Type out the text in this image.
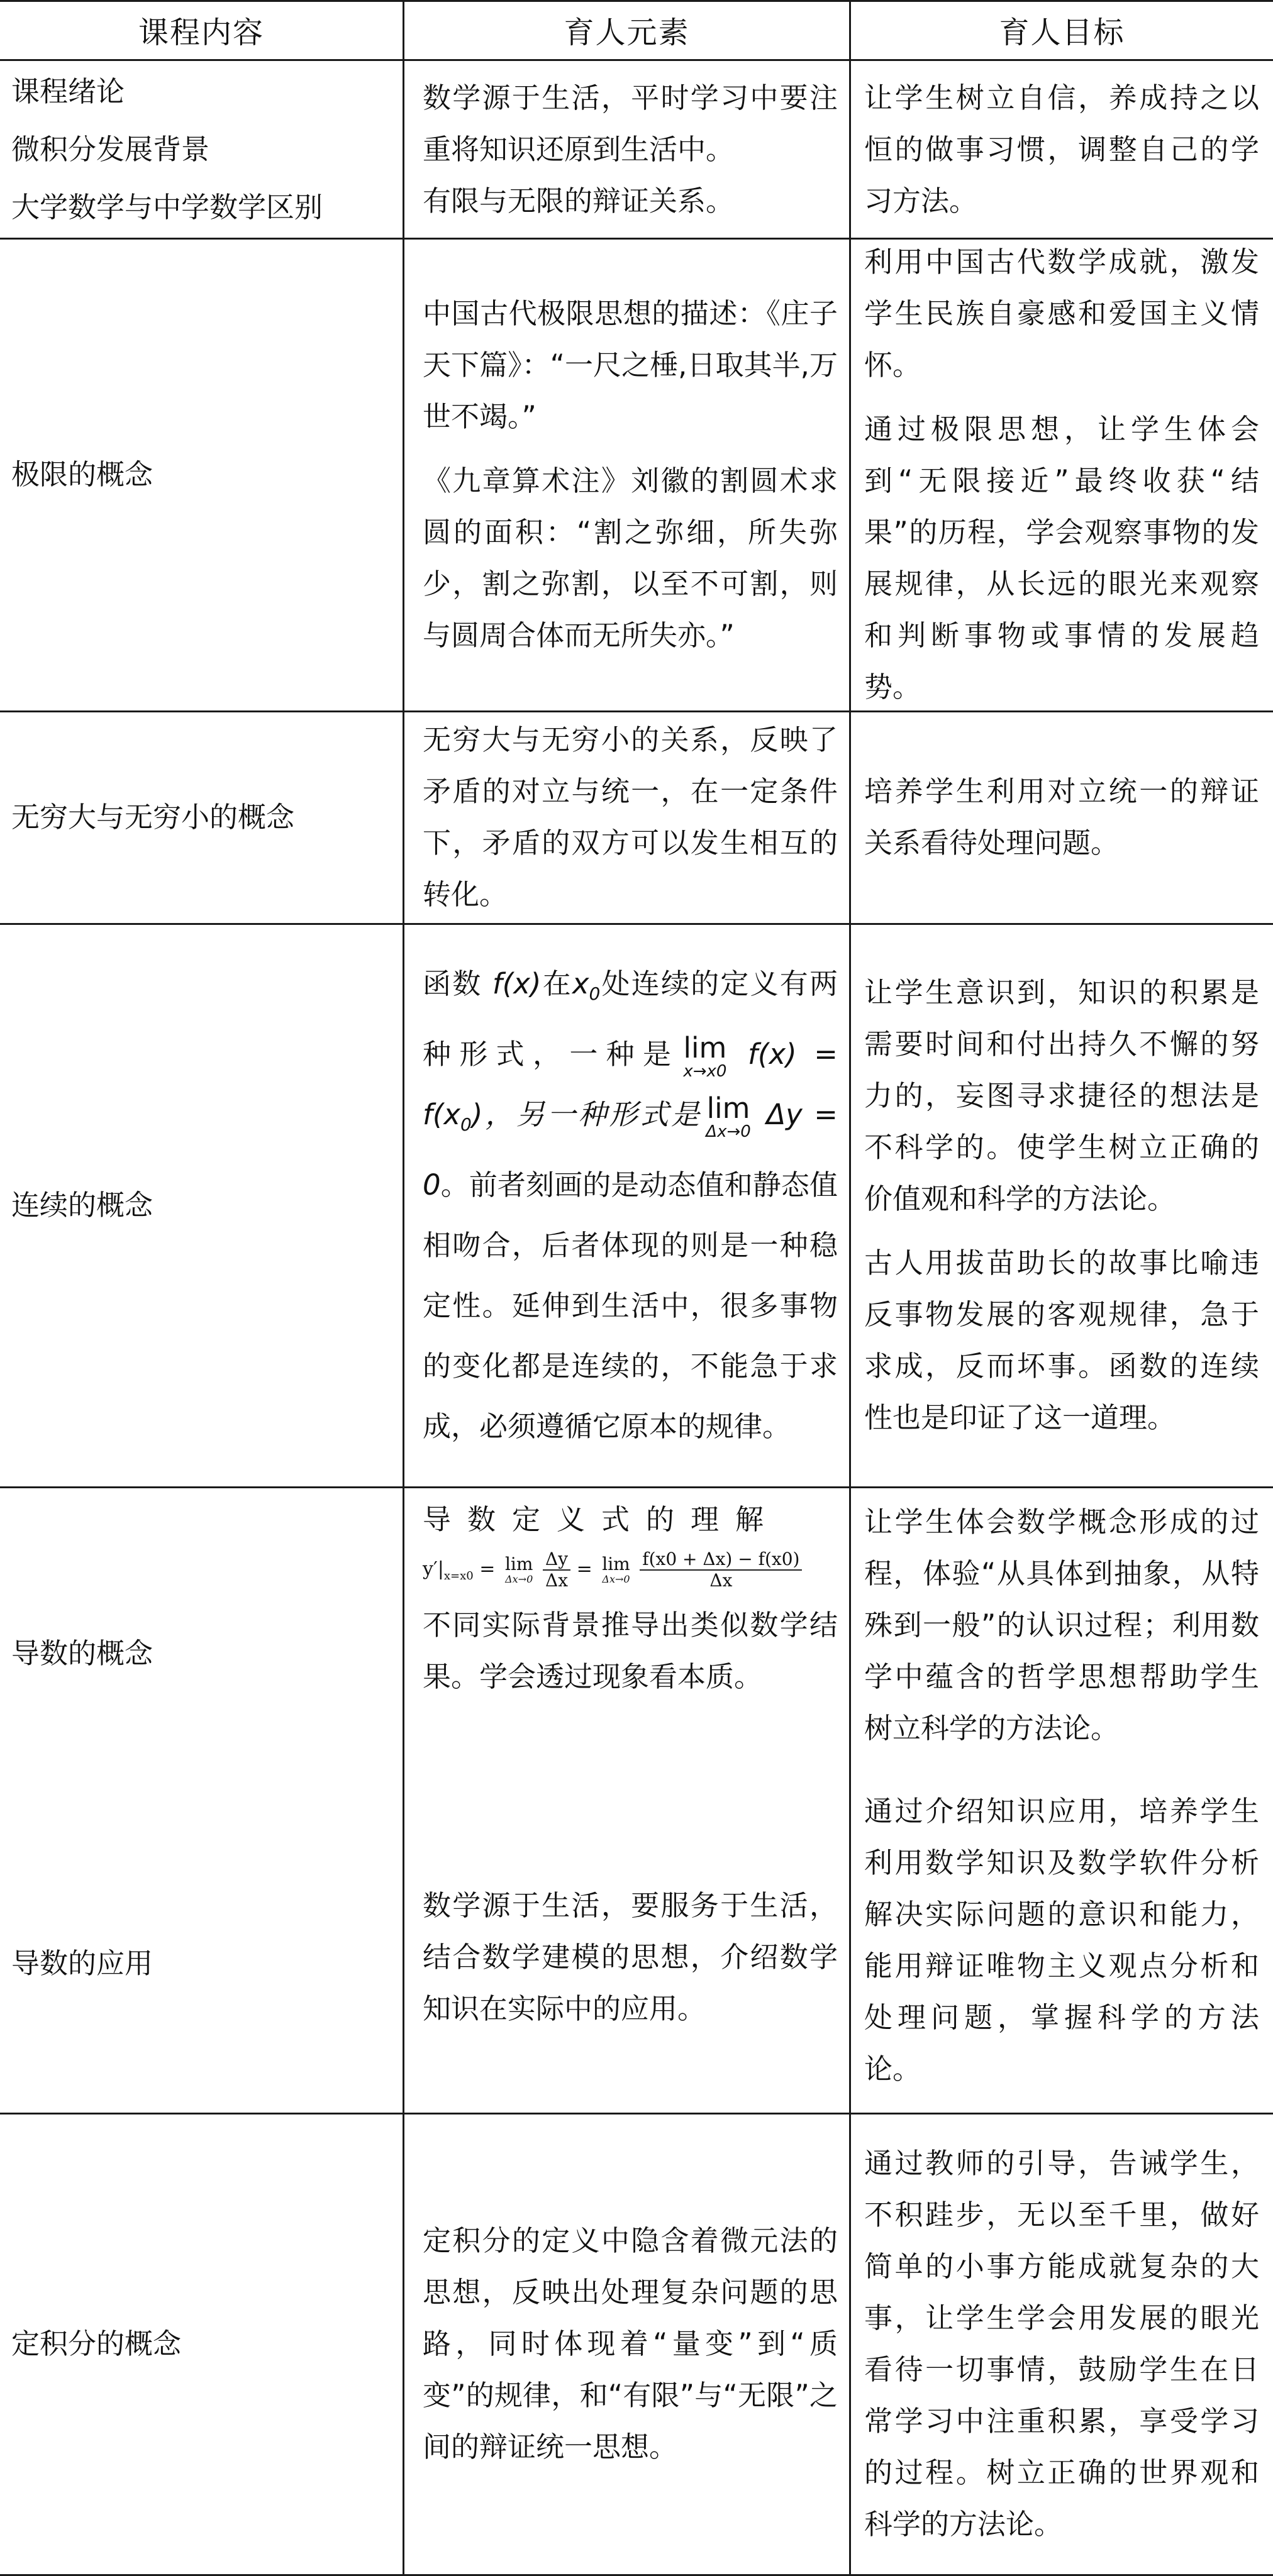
课程内容	育人元素	育人目标

课程绪论

微积分发展背景

大学数学与中学数学区别

数学源于生活，平时学习中要注重将知识还原到生活中。

有限与无限的辩证关系。

让学生树立自信，养成持之以恒的做事习惯，调整自己的学习方法。

极限的概念

中国古代极限思想的描述：《庄子 天下篇》：“一尺之棰,日取其半,万世不竭。”

《九章算术注》刘徽的割圆术求圆的面积：“割之弥细，所失弥少，割之弥割，以至不可割，则与圆周合体而无所失亦。”

利用中国古代数学成就，激发学生民族自豪感和爱国主义情怀。

通过极限思想，让学生体会到“无限接近”最终收获“结果”的历程，学会观察事物的发展规律，从长远的眼光来观察和判断事物或事情的发展趋势。

无穷大与无穷小的概念

无穷大与无穷小的关系，反映了矛盾的对立与统一，在一定条件下，矛盾的双方可以发生相互的转化。

培养学生利用对立统一的辩证关系看待处理问题。

连续的概念

函数 f(x)在$x_0$处连续的定义有两种形式，一种是 lim
x→x0
$f(x) = f(x_0)$，另一种形式是 lim
Δx→0
Δy = 0。前者刻画的是动态值和静态值相吻合，后者体现的则是一种稳定性。延伸到生活中，很多事物的变化都是连续的，不能急于求成，必须遵循它原本的规律。

让学生意识到，知识的积累是需要时间和付出持久不懈的努力的，妄图寻求捷径的想法是不科学的。使学生树立正确的价值观和科学的方法论。

古人用拔苗助长的故事比喻违反事物发展的客观规律，急于求成，反而坏事。函数的连续性也是印证了这一道理。

导数的概念

导数的应用

导数定义式的理解

$y'|_{x=x0} = \lim$
Δx→0
$\frac{\Delta y}{\Delta x} = \lim$
Δx→0
$\frac{f(x0 + \Delta x) - f(x0)}{\Delta x}$

不同实际背景推导出类似数学结果。学会透过现象看本质。

数学源于生活，要服务于生活，结合数学建模的思想，介绍数学知识在实际中的应用。

让学生体会数学概念形成的过程，体验“从具体到抽象，从特殊到一般”的认识过程；利用数学中蕴含的哲学思想帮助学生树立科学的方法论。

通过介绍知识应用，培养学生利用数学知识及数学软件分析解决实际问题的意识和能力，能用辩证唯物主义观点分析和处理问题，掌握科学的方法论。

定积分的概念

定积分的定义中隐含着微元法的思想，反映出处理复杂问题的思路，同时体现着“量变”到“质变”的规律，和“有限”与“无限”之间的辩证统一思想。

通过教师的引导，告诫学生，不积跬步，无以至千里，做好简单的小事方能成就复杂的大事，让学生学会用发展的眼光看待一切事情，鼓励学生在日常学习中注重积累，享受学习的过程。树立正确的世界观和科学的方法论。
